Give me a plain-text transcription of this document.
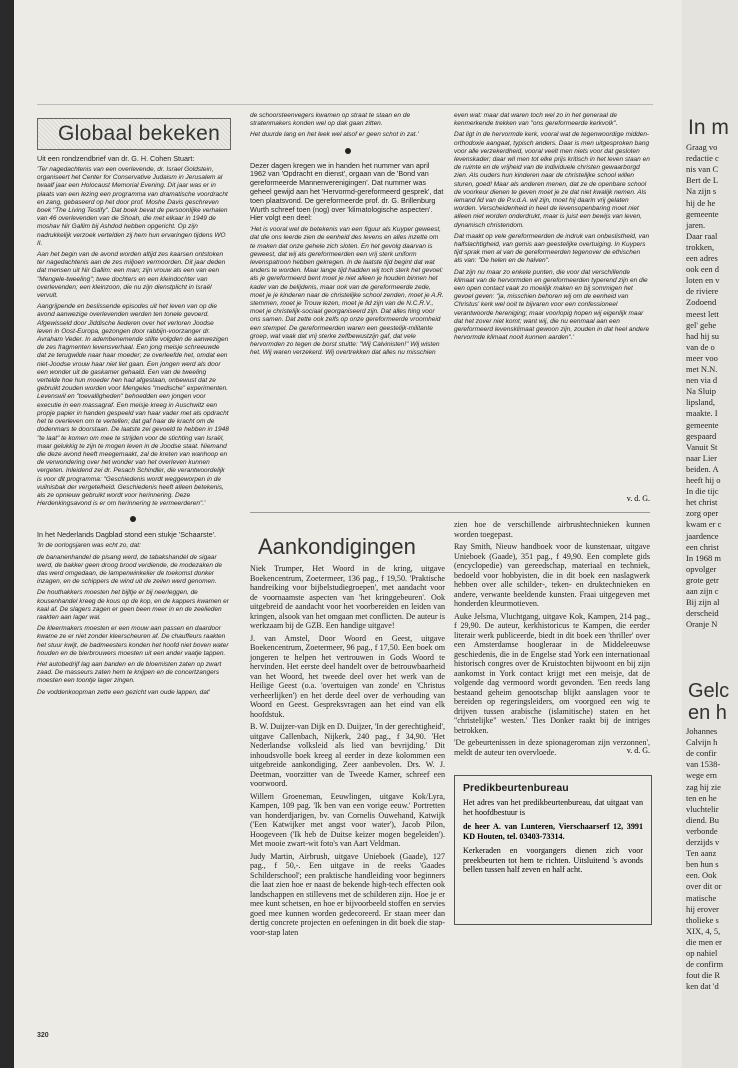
Globaal bekeken

Uit een rondzendbrief van dr. G. H. Cohen Stuart:

'Ter nagedachtenis van een overlevende, dr. Israel Goldstein, organiseert het Center for Conservative Judaism in Jerusalem al twaalf jaar een Holocaust Memorial Evening. Dit jaar was er in plaats van een lezing een programma van dramatische voordracht en zang, gebaseerd op het door prof. Moshe Davis geschreven boek "The Living Testify". Dat boek bevat de persoonlijke verhalen van 46 overlevenden van de Shoah, die met elkaar in 1949 de moshav Nir Gallim bij Ashdod hebben opgericht. Op zijn nadrukkelijk verzoek vertelden zij hem hun ervaringen tijdens WO II.

Aan het begin van de avond worden altijd zes kaarsen ontstoken ter nagedachtenis aan de zes miljoen vermoorden. Dit jaar deden dat mensen uit Nir Gallim: een man; zijn vrouw als een van een "Mengele-tweeling"; twee dochters en een kleindochter van overlevenden; een kleinzoon, die nu zijn dienstplicht in Israël vervult.

Aangrijpende en beslissende episodes uit het leven van op die avond aanwezige overlevenden werden ten tonele gevoerd. Afgewisseld door Jiddische liederen over het verloren Joodse leven in Oost-Europa, gezongen door rabbijn-voorzanger dr. Avraham Veder. In adembenemende stilte volgden de aanwezigen de zes fragmenten levensverhaal. Een jong meisje schreeuwde dat ze terugwilde naar haar moeder; ze overleefde het, omdat een niet-Joodse vrouw haar niet liet gaan. Een jongen werd als door een wonder uit de gaskamer gehaald. Een van de tweeling vertelde hoe hun moeder hen had afgestaan, onbewust dat ze gebruikt zouden worden voor Mengeles "medische" experimenten. Levenswil en "toevalligheden" behoedden een jongen voor executie in een massagraf. Een meisje kreeg in Auschwitz een propje papier in handen gespeeld van haar vader met als opdracht het te overleven om te vertellen; dat gaf haar de kracht om de dodenmars te doorstaan. De laatste zei gevoeld te hebben in 1948 "te laat" te komen om mee te strijden voor de stichting van Israël, maar gelukkig te zijn te mogen leven in de Joodse staat. Niemand die deze avond heeft meegemaakt, zal de kreten van wanhoop en de verwondering over het wonder van het overleven kunnen vergeten. Inleidend zei dr. Pesach Schindler, die verantwoordelijk is voor dit programma: "Geschiedenis wordt weggeworpen in de vuilnisbak der vergetelheid. Geschiedenis heeft alleen betekenis, als ze opnieuw gebruikt wordt voor herinnering. Deze Herdenkingsavond is er om herinnering te vermeerderen".'

In het Nederlands Dagblad stond een stukje 'Schaarste'.

'In de oorlogsjaren was echt zo, dat:

de bananenhandel de pisang werd, de tabakshandel de sigaar werd, de bakker geen droog brood verdiende, de modezaken de das werd omgedaan, de lampenwinkelier de toekomst donker inzagen, en de schippers de wind uit de zeilen werd genomen.

De houthakkers moesten het bijltje er bij neerleggen, de kousenhandel kreeg de kous op de kop, en de kappers kwamen er kaal af. De slagers zagen er geen been meer in en de zeelieden raakten aan lager wal.

De kleermakers moesten er een mouw aan passen en daardoor kwame ze er niet zonder kleerscheuren af. De chauffeurs raakten het stuur kwijt, de badmeesters konden het hoofd niet boven water houden en de bierbrouwers moesten uit een ander vaatje tappen.

Het autobedrijf lag aan banden en de bloemisten zaten op zwart zaad. De masseurs zaten hem te knijpen en de concertzangers moesten een toontje lager zingen.

De voddenkoopman zette een gezicht van oude lappen, dat'

de schoorsteenvegers kwamen op straat te staan en de stratenmakers konden wel op dak gaan zitten.

Het duurde lang en het leek wel alsof er geen schot in zat.'

Dezer dagen kregen we in handen het nummer van april 1962 van 'Opdracht en dienst', orgaan van de 'Bond van gereformeerde Mannenverenigingen'. Dat nummer was geheel gewijd aan het 'Hervormd-gereformeerd gesprek', dat toen plaatsvond. De gereformeerde prof. dr. G. Brillenburg Wurth schreef toen (nog) over 'klimatologische aspecten'. Hier volgt een deel:

'Het is vooral wel de betekenis van een figuur als Kuyper geweest, dat die ons leerde zien de eenheid des levens en alles inzette om te maken dat onze gehele zich sloten. En het gevolg daarvan is geweest, dat wij als gereformeerden een vrij sterk uniform levenspatroon hebben gekregen. In de laatste tijd begint dat wat anders te worden. Maar lange tijd hadden wij toch sterk het gevoel: als je gereformeerd bent moet je niet alleen je houden binnen het kader van de belijdenis, maar ook van de gereformeerde zede, moet je je kinderen naar de christelijke school zenden, moet je A.R. stemmen, moet je Trouw lezen, moet je lid zijn van de N.C.R.V., moet je christelijk-sociaal georganiseerd zijn. Dat alles hing voor ons samen. Dat zette ook zelfs op onze gereformeerde vroomheid een stempel. De gereformeerden waren een geestelijk-militante groep, wat vaak dat vrij sterke zelfbewustzijn gaf, dat vele hervormden zo tegen de borst stuitte: "Wij Calvinisten!" Wij wisten het. Wij waren verzekerd. Wij overtrekken dat alles nu misschien

even wat: maar dat waren toch wel zo in het generaal de kenmerkende trekken van "ons gereformeerde kerkvolk".

Dat ligt in de hervormde kerk, vooral wat de tegenwoordige midden-orthodoxie aangaat, typisch anders. Daar is men uitgesproken bang voor alle verzekerdheid, vooral veelt men niets voor dat gesloten levenskader; daar wil men tot elke prijs kritisch in het leven staan en de ruimte en de vrijheid van de individuele christen gewaarborgd zien. Als ouders hun kinderen naar de christelijke school willen sturen, goed! Maar als anderen menen, dat ze de openbare school de voorkeur dienen te geven moet je ze dat niet kwalijk nemen. Als iemand lid van de P.v.d.A. wil zijn, moet hij daarin vrij gelaten worden. Verscheidenheid in heel de levensopenbaring moet niet alleen niet worden onderdrukt, maar is juist een bewijs van leven, dynamisch christendom.

Dat maakt op vele gereformeerden de indruk van onbeslistheid, van halfslachtigheid, van gemis aan geestelijke overtuiging. In Kuypers tijd sprak men al van de gereformeerden tegenover de ethischen als van: "De helen en de halven".

Dat zijn nu maar zo enkele punten, die voor dat verschillende klimaat van de hervormden en gereformeerden typerend zijn en die een open contact vaak zo moeilijk maken en bij sommigen het gevoel geven: "ja, misschien behoren wij om de eenheid van Christus' kerk wel ooit te bijvaren voor een confessioneel verantwoorde hereniging; maar voorlopig hopen wij eigenlijk maar dat het zover niet komt; want wij, die nu eenmaal aan een gereformeerd levensklimaat gewoon zijn, zouden in dat heel andere hervormde klimaat nooit kunnen aarden".'

v. d. G.
Aankondigingen

Niek Trumper, Het Woord in de kring, uitgave Boekencentrum, Zoetermeer, 136 pag., f 19,50. 'Praktische handreiking voor bijbelstudiegroepen', met aandacht voor de voornaamste aspecten van 'het kringgebeuren'. Ook uitgebreid de aandacht voor het voorbereiden en leiden van kringen, alsook van het omgaan met conflicten. De auteur is werkzaam bij de GZB. Een handige uitgave!

J. van Amstel, Door Woord en Geest, uitgave Boekencentrum, Zoetermeer, 96 pag., f 17,50. Een boek om jongeren te helpen het vertrouwen in Gods Woord te hervinden. Het eerste deel handelt over de betrouwbaarheid van het Woord, het tweede deel over het werk van de Heilige Geest (o.a. 'overtuigen van zonde' en 'Christus verheerlijken') en het derde deel over de verhouding van Woord en Geest. Gespreksvragen aan het eind van elk hoofdstuk.

B. W. Duijzer-van Dijk en D. Duijzer, 'In der gerechtigheid', uitgave Callenbach, Nijkerk, 240 pag., f 34,90. 'Het Nederlandse volksleid als lied van bevrijding.' Dit inhoudsvolle boek kreeg al eerder in deze kolommen een uitgebreide aankondiging. Zeer aanbevolen. Drs. W. J. Deetman, voorzitter van de Tweede Kamer, schreef een voorwoord.

Willem Groeneman, Eeuwlingen, uitgave Kok/Lyra, Kampen, 109 pag. 'Ik ben van een vorige eeuw.' Portretten van honderdjarigen, bv. van Cornelis Ouwehand, Katwijk ('Een Katwijker met angst voor water'), Jacob Pilon, Hoogeveen ('Ik heb de Duitse keizer mogen begeleiden'). Met mooie zwart-wit foto's van Aart Veldman.

Judy Martin, Airbrush, uitgave Unieboek (Gaade), 127 pag., f 50,-. Een uitgave in de reeks 'Gaades Schilderschool'; een praktische handleiding voor beginners die laat zien hoe er naast de bekende high-tech effecten ook landschappen en stillevens met de schilderen zijn. Hoe je er mee kunt schetsen, en hoe er bijvoorbeeld stoffen en servies goed mee kunnen worden gedecoreerd. Er staan meer dan dertig concrete projecten en oefeningen in dit boek die stap-voor-stap laten

zien hoe de verschillende airbrushtechnieken kunnen worden toegepast.

Ray Smith, Nieuw handboek voor de kunstenaar, uitgave Unieboek (Gaade), 351 pag., f 49,90. Een complete gids (encyclopedie) van gereedschap, materiaal en techniek, bedoeld voor hobbyisten, die in dit boek een naslagwerk hebben over alle schilder-, teken- en druktechnieken en andere, verwante beeldende kunsten. Fraai uitgegeven met honderden kleurmotieven.

Auke Jelsma, Vluchtgang, uitgave Kok, Kampen, 214 pag., f 29,90. De auteur, kerkhistoricus te Kampen, die eerder literair werk publiceerde, biedt in dit boek een 'thriller' over een Amsterdamse hoogleraar in de Middeleeuwse geschiedenis, die in de Engelse stad York een internationaal historisch congres over de Kruistochten bijwoont en bij zijn aankomst in York contact krijgt met een meisje, dat de volgende dag vermoord wordt gevonden. 'Een reeds lang bestaand geheim genootschap blijkt aanslagen voor te bereiden op regeringsleiders, om voorgoed een wig te drijven tussen arabische (islamitische) staten en het "christelijke" westen.' Ties Donker raakt bij de intriges betrokken.

'De gebeurtenissen in deze spionageroman zijn verzonnen', meldt de auteur ten overvloede.	v. d. G.
Predikbeurtenbureau

Het adres van het predikbeurtenbureau, dat uitgaat van het hoofdbestuur is

de heer A. van Lunteren, Vierschaarserf 12, 3991 KD Houten, tel. 03403-73314.

Kerkeraden en voorgangers dienen zich voor preekbeurten tot hem te richten. Uitsluitend 's avonds bellen tussen half zeven en half acht.

320
In m
Graag vo
redactie c
nis van C
Bert de L
Na zijn s
hij de he
gemeente
jaren.
Daar raal
trokken,
een adres
ook een d
loten en v
de riviere
Zodoend
meest lett
gel' gehe
had hij su
van de o
meer voo
met N.N.
nen via d
Na Sluip
lipsland,
maakte. I
gemeente
gespaard
Vanuit St
naar Lier
beiden. A
heeft hij o
In die tijc
het christ
zorg oper
kwam er c
jaardence
een christ
In 1968 m
opvolger
grote getr
aan zijn c
Bij zijn al
derscheid
Oranje N
Gelc
en h
Johannes
Calvijn h
de confir
van 1538-
wege ern
zag hij zie
ten en he
vluchtelir
diend. Bu
verbonde
derzijds v
Ten aanz
ben hun s
een. Ook
over dit or
matische
hij erover
tholieke s
XIX, 4, 5,
die men er
op nahiel
de confirm
fout die R
ken dat 'd
